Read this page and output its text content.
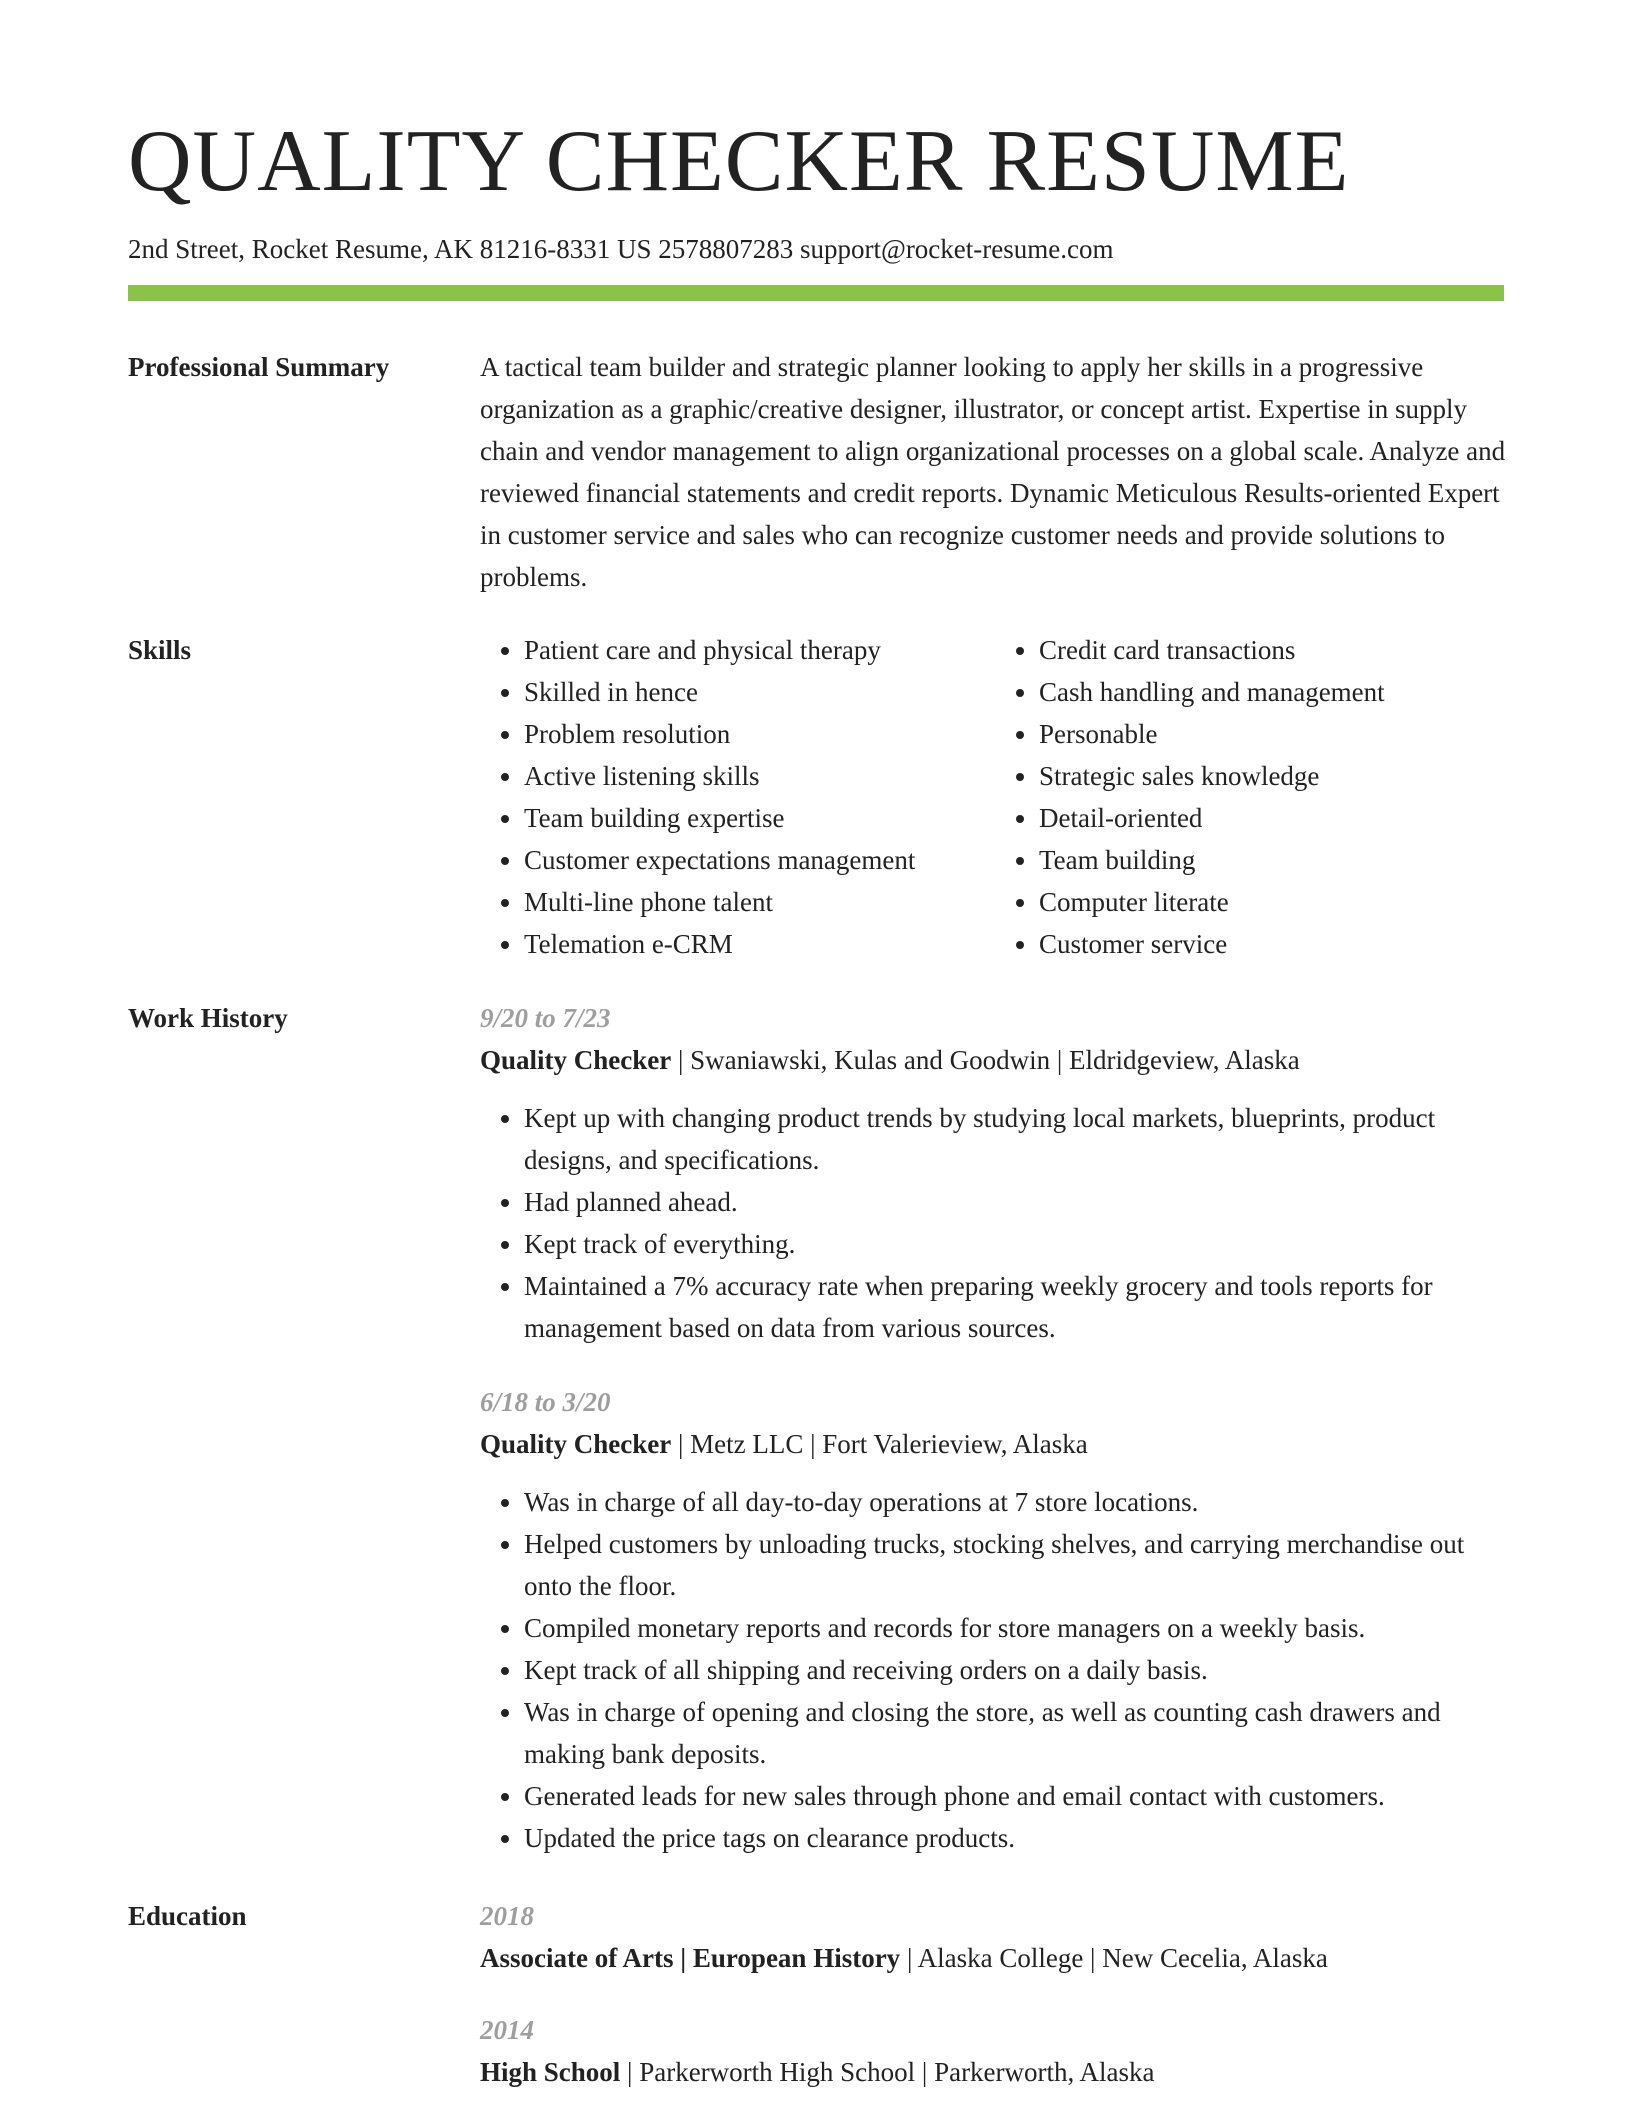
QUALITY CHECKER RESUME
2nd Street, Rocket Resume, AK 81216-8331 US 2578807283 support@rocket-resume.com
Professional Summary	A tactical team builder and strategic planner looking to apply her skills in a progressive organization as a graphic/creative designer, illustrator, or concept artist. Expertise in supply chain and vendor management to align organizational processes on a global scale. Analyze and reviewed financial statements and credit reports. Dynamic Meticulous Results-oriented Expert in customer service and sales who can recognize customer needs and provide solutions to problems.

Skills
•	Patient care and physical therapy
• Skilled in hence
• Problem resolution
• Active listening skills
• Team building expertise
• Customer expectations management
• Multi-line phone talent
• Telemation e-CRM
• Credit card transactions
• Cash handling and management
• Personable
• Strategic sales knowledge
• Detail-oriented
• Team building
• Computer literate
• Customer service
Work History	9/20 to 7/23
Quality Checker | Swaniawski, Kulas and Goodwin | Eldridgeview, Alaska
• Kept up with changing product trends by studying local markets, blueprints, product designs, and specifications.
• Had planned ahead.
• Kept track of everything.
• Maintained a 7% accuracy rate when preparing weekly grocery and tools reports for management based on data from various sources.
6/18 to 3/20
Quality Checker | Metz LLC | Fort Valerieview, Alaska
• Was in charge of all day-to-day operations at 7 store locations.
• Helped customers by unloading trucks, stocking shelves, and carrying merchandise out onto the floor.
• Compiled monetary reports and records for store managers on a weekly basis.
• Kept track of all shipping and receiving orders on a daily basis.
• Was in charge of opening and closing the store, as well as counting cash drawers and making bank deposits.
• Generated leads for new sales through phone and email contact with customers.
• Updated the price tags on clearance products.
Education	2018
Associate of Arts | European History | Alaska College | New Cecelia, Alaska
2014
High School | Parkerworth High School | Parkerworth, Alaska
